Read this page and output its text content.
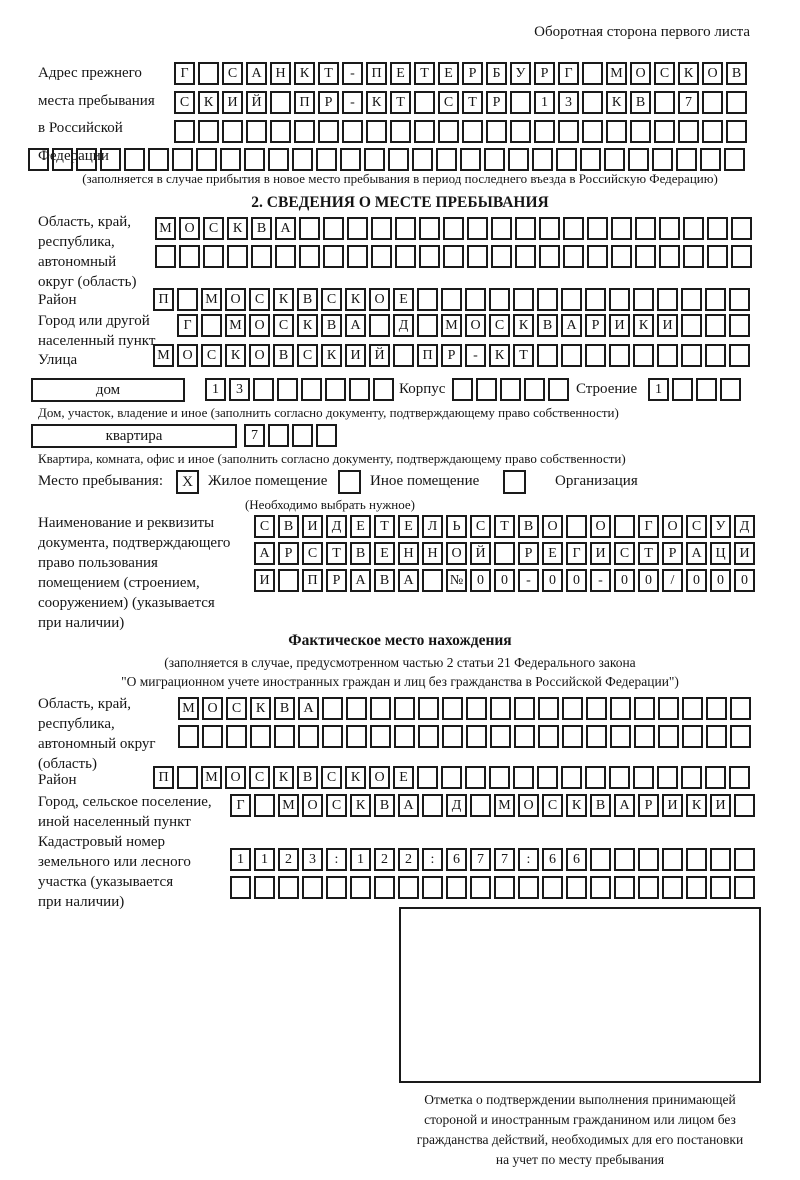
Оборотная сторона первого листа
Адрес прежнего
места пребывания
в Российской
Федерации
Г	С А Н К Т - П Е Т Е Р Б У Р Г	М О С К О В
С К И Й	П Р - К Т	С Т Р	1 3	К В	7
(заполняется в случае прибытия в новое место пребывания в период последнего въезда в Российскую Федерацию)
2. СВЕДЕНИЯ О МЕСТЕ ПРЕБЫВАНИЯ
Область, край,
республика,
автономный
округ (область)
М О С К В А
Район	П	М О С К В С К О Е
Город или другой
населенный пункт
Г	М О С К В А	Д	М О С К В А Р И К И
Улица	М О С К О В С К И Й	П Р - К Т
дом	1 3	Корпус	Строение	1
Дом, участок, владение и иное (заполнить согласно документу, подтверждающему право собственности)
квартира	7
Квартира, комната, офис и иное (заполнить согласно документу, подтверждающему право собственности)
Место пребывания:	X	Жилое помещение	Иное помещение	Организация
(Необходимо выбрать нужное)
Наименование и реквизиты
документа, подтверждающего
право пользования
помещением (строением,
сооружением) (указывается
при наличии)
С В И Д Е Т Е Л Ь С Т В О	О	Г О С У Д
А Р С Т В Е Н Н О Й	Р Е Г И С Т Р А Ц И
И	П Р А В А	№ 0 0 - 0 0 - 0 0 / 0 0 0
Фактическое место нахождения
(заполняется в случае, предусмотренном частью 2 статьи 21 Федерального закона
"О миграционном учете иностранных граждан и лиц без гражданства в Российской Федерации")
Область, край,
республика,
автономный округ
(область)
М О С К В А
Район	П	М О С К В С К О Е
Город, сельское поселение,
иной населенный пункт
Г	М О С К В А	Д	М О С К В А Р И К И
Кадастровый номер
земельного или лесного
участка (указывается
при наличии)
1 1 2 3 : 1 2 2 : 6 7 7 : 6 6
Отметка о подтверждении выполнения принимающей
стороной и иностранным гражданином или лицом без
гражданства действий, необходимых для его постановки
на учет по месту пребывания
